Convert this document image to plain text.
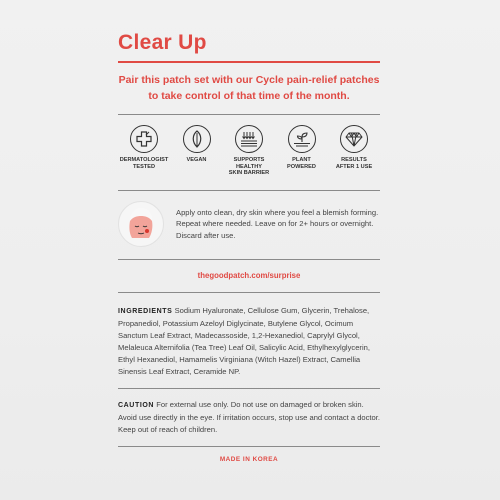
Clear Up
Pair this patch set with our Cycle pain-relief patches to take control of that time of the month.
DERMATOLOGIST
TESTED
VEGAN	SUPPORTS
HEALTHY
SKIN BARRIER
PLANT
POWERED
RESULTS
AFTER 1 USE
Apply onto clean, dry skin where you feel a blemish forming. Repeat where needed. Leave on for 2+ hours or overnight. Discard after use.
thegoodpatch.com/surprise
INGREDIENTS Sodium Hyaluronate, Cellulose Gum, Glycerin, Trehalose, Propanediol, Potassium Azeloyl Diglycinate, Butylene Glycol, Ocimum Sanctum Leaf Extract, Madecassoside, 1,2-Hexanediol, Caprylyl Glycol, Melaleuca Alternifolia (Tea Tree) Leaf Oil, Salicylic Acid, Ethylhexylglycerin, Ethyl Hexanediol, Hamamelis Virginiana (Witch Hazel) Extract, Camellia Sinensis Leaf Extract, Ceramide NP.
CAUTION For external use only. Do not use on damaged or broken skin. Avoid use directly in the eye. If irritation occurs, stop use and contact a doctor. Keep out of reach of children.
MADE IN KOREA
